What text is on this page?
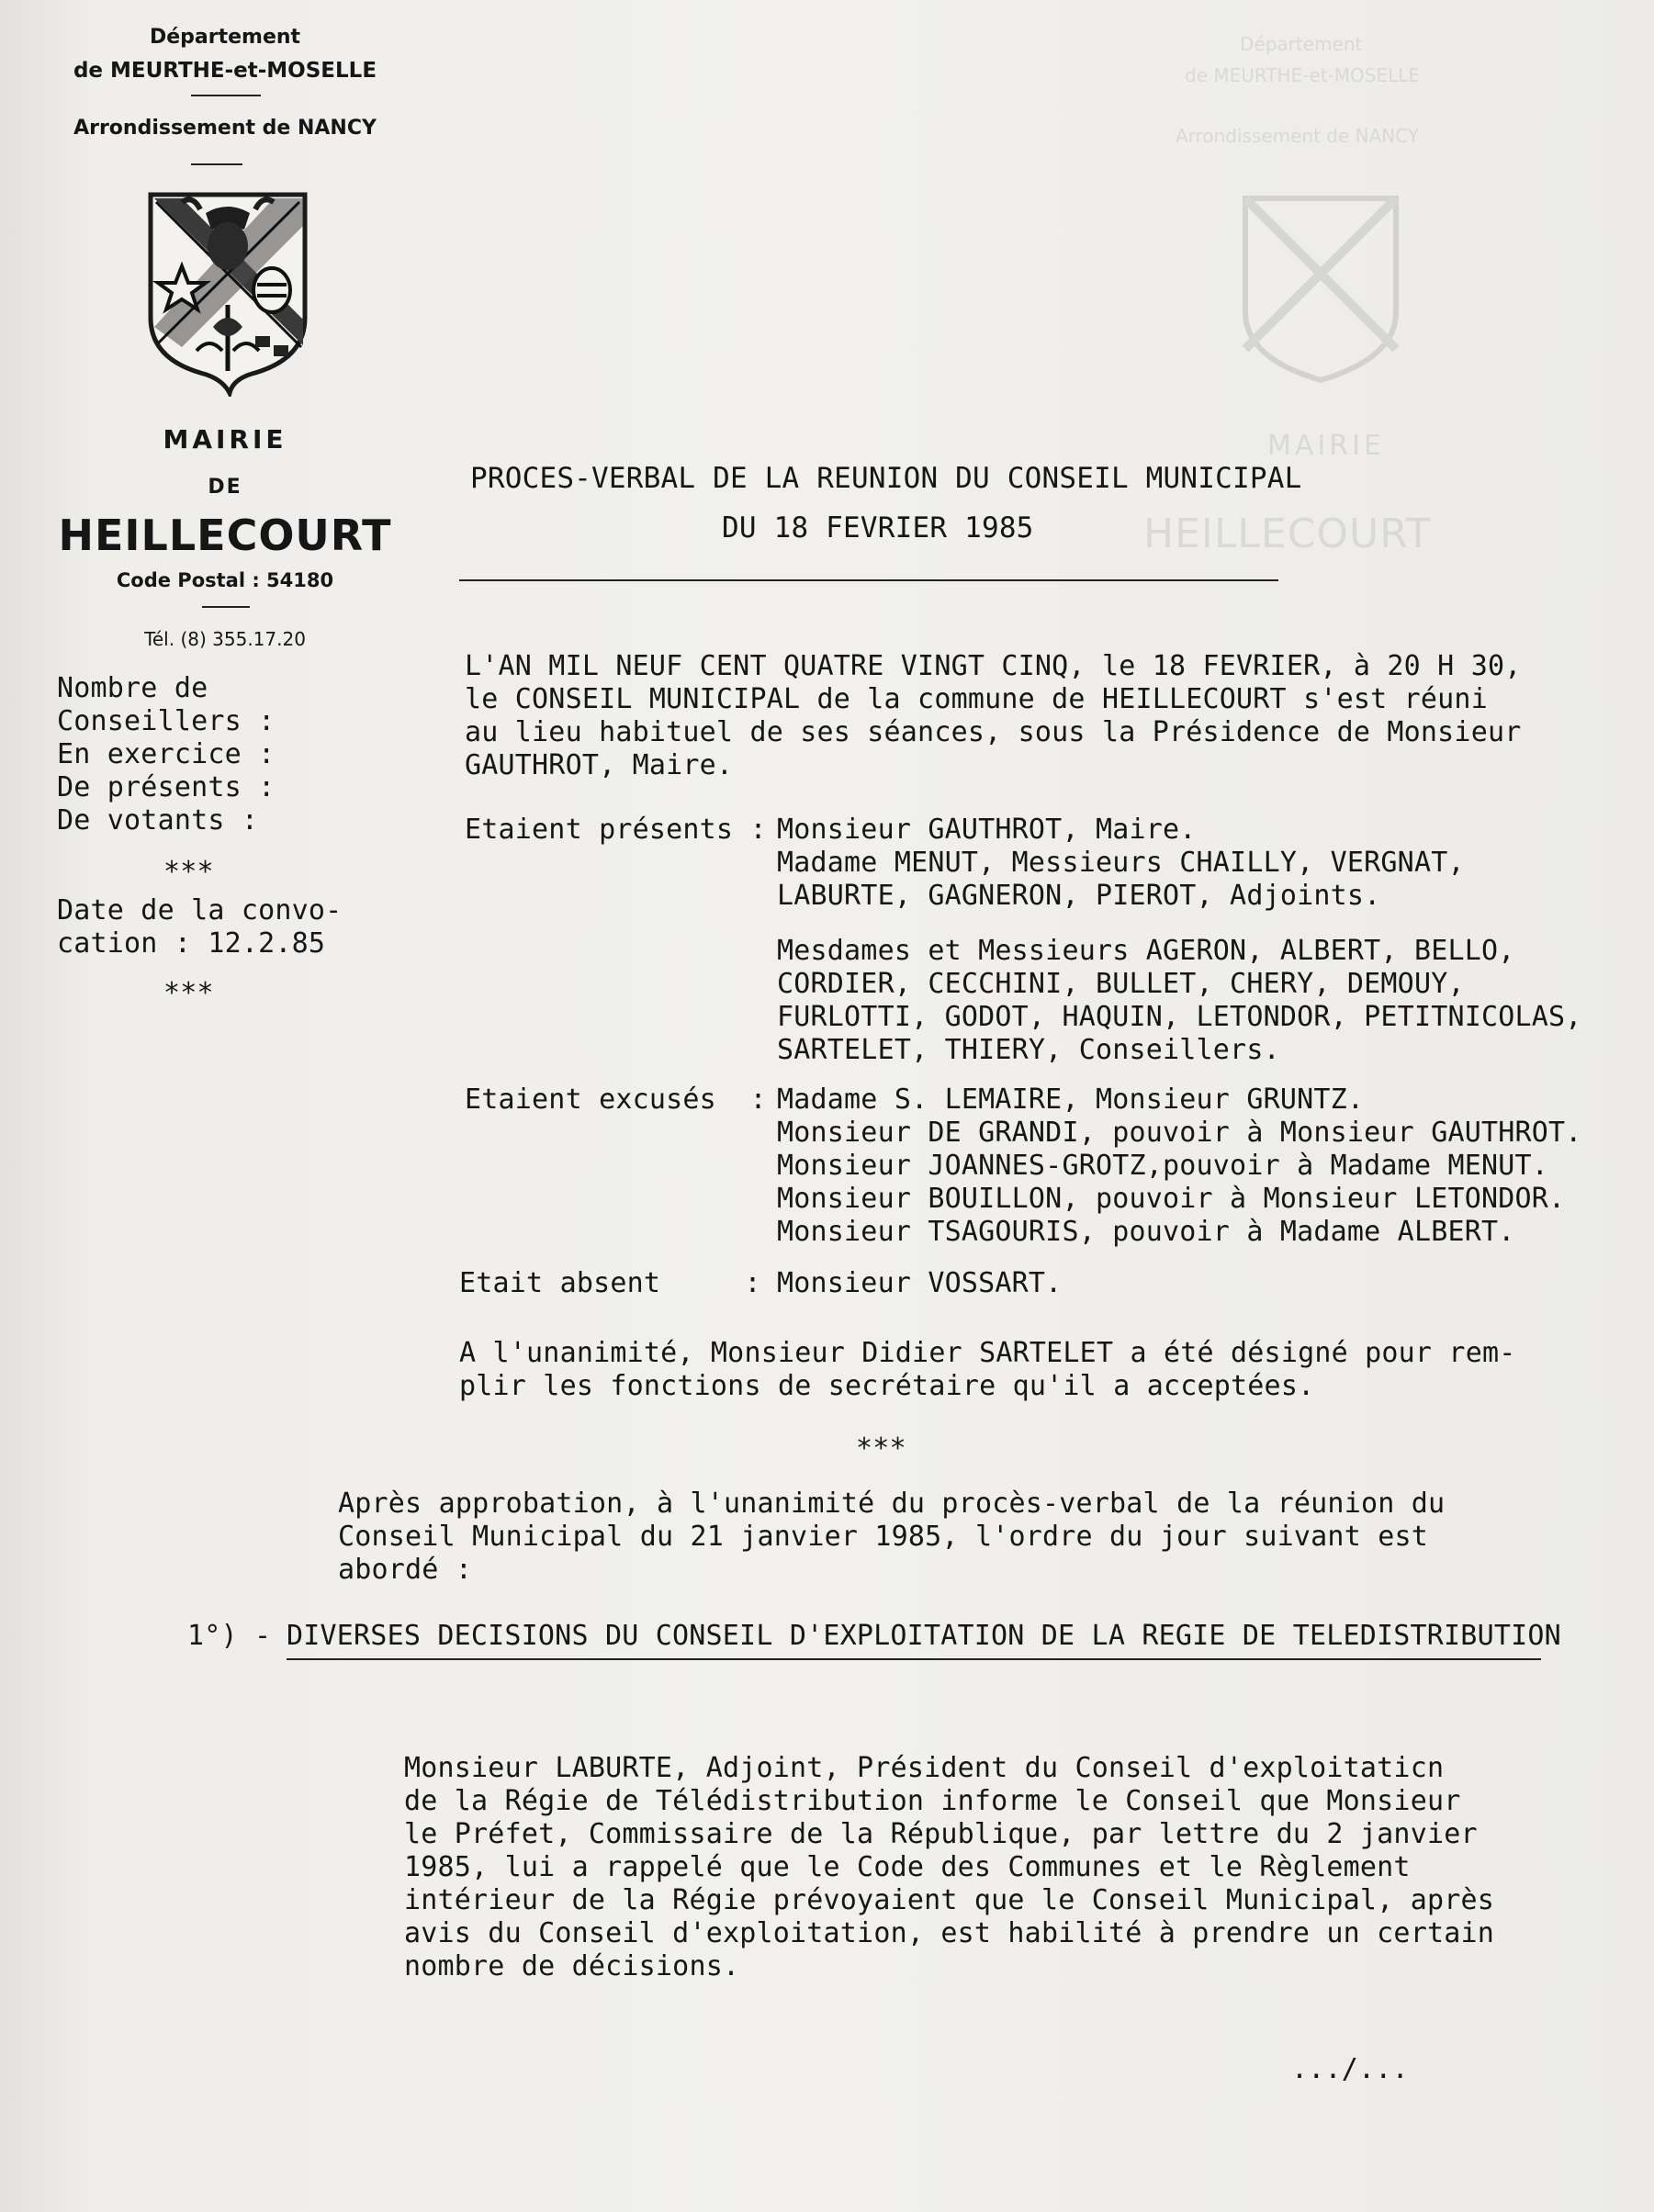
Département
de MEURTHE-et-MOSELLE
Arrondissement de NANCY
MAIRIE
HEILLECOURT
Département
de MEURTHE-et-MOSELLE
Arrondissement de NANCY
MAIRIE
DE
HEILLECOURT
Code Postal : 54180
Tél. (8) 355.17.20
Nombre de
Conseillers :
En exercice :
De présents :
De votants :
***
Date de la convo-
cation : 12.2.85
***
PROCES-VERBAL DE LA REUNION DU CONSEIL MUNICIPAL
DU 18 FEVRIER 1985
L'AN MIL NEUF CENT QUATRE VINGT CINQ, le 18 FEVRIER, à 20 H 30,
le CONSEIL MUNICIPAL de la commune de HEILLECOURT s'est réuni
au lieu habituel de ses séances, sous la Présidence de Monsieur
GAUTHROT, Maire.
Etaient présents : Monsieur GAUTHROT, Maire.
Madame MENUT, Messieurs CHAILLY, VERGNAT,
LABURTE, GAGNERON, PIEROT, Adjoints.
Mesdames et Messieurs AGERON, ALBERT, BELLO,
CORDIER, CECCHINI, BULLET, CHERY, DEMOUY,
FURLOTTI, GODOT, HAQUIN, LETONDOR, PETITNICOLAS,
SARTELET, THIERY, Conseillers.
Etaient excusés  : Madame S. LEMAIRE, Monsieur GRUNTZ.
Monsieur DE GRANDI, pouvoir à Monsieur GAUTHROT.
Monsieur JOANNES-GROTZ,pouvoir à Madame MENUT.
Monsieur BOUILLON, pouvoir à Monsieur LETONDOR.
Monsieur TSAGOURIS, pouvoir à Madame ALBERT.
Etait absent     : Monsieur VOSSART.
A l'unanimité, Monsieur Didier SARTELET a été désigné pour rem-
plir les fonctions de secrétaire qu'il a acceptées.
***
Après approbation, à l'unanimité du procès-verbal de la réunion du
Conseil Municipal du 21 janvier 1985, l'ordre du jour suivant est
abordé :
1°) -
DIVERSES DECISIONS DU CONSEIL D'EXPLOITATION DE LA REGIE DE TELEDISTRIBUTION
Monsieur LABURTE, Adjoint, Président du Conseil d'exploitaticn
de la Régie de Télédistribution informe le Conseil que Monsieur
le Préfet, Commissaire de la République, par lettre du 2 janvier
1985, lui a rappelé que le Code des Communes et le Règlement
intérieur de la Régie prévoyaient que le Conseil Municipal, après
avis du Conseil d'exploitation, est habilité à prendre un certain
nombre de décisions.
.../...
